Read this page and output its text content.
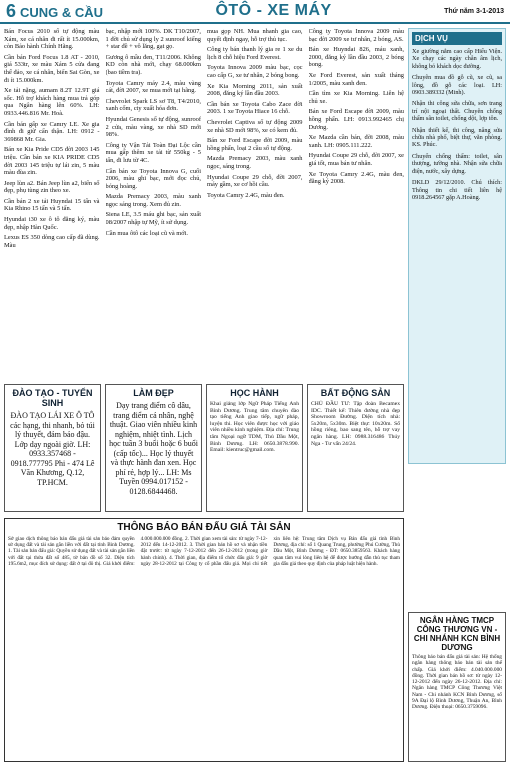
6 CUNG & CẦU	ÔTÔ - XE MÁY	Thứ năm 3-1-2013

Bán Focus 2010 số tự động màu Xám, xe cá nhân đi rất ít 15.000km, còn Bảo hành Chính Hãng.

Cần bán Ford Focus 1.8 AT - 2010, giá 533tr, xe màu Xám 5 cửa đang thế đảo, xe cá nhân, biển Sai Gòn, xe đi ít 15.000km.

Xe tải nặng, aumam 8.2T 12.9T giá sốc. Hỗ trợ khách hàng mua trả góp qua Ngân hàng lên 60%. LH: 0933.446.816 Mr. Hoà.

Cần bán gấp xe Camry LE. Xe gia đình đi giữ cẩn thận. LH: 0912 - 369868 Mr. Gia.

Bán xe Kia Pride CD5 đời 2003 145 triệu. Cần bán xe KIA PRIDE CD5 đời 2003 145 triệu tự lái zin, 5 màu màu đùa zin.

Jeep lùn a2. Bán Jeep lùn a2, biển số đẹp, phụ tùng zin theo xe.

Cần bán 2 xe tải Huyndai 15 tấn và Kia Rhino 15 tấn và 5 tấn.

Hyundai i30 xe ô tô đăng ký, màu đẹp, nhập Hàn Quốc.

Lexus ES 350 dòng cao cấp đã dùng. Màu

bạc, nhập mới 100%. DK T10/2007, 1 đời chủ sử dụng ly 2 sunroof kiểng + star đề + vô lăng, gạt gọ.

Gương ô mầu đen, T11/2006. Không KD còn nhà mới, chạy 68.000km (bao tiềm tra).

Toyota Camry máy 2.4, màu vàng cát, đời 2007, xe mua mới tại hãng.

Chevrolet Spark LS sơ T8, T4/2010, xanh cốm, cty xuất hóa đơn.

Hyundai Genesis số tự động, sunroof 2 cửa, màu vàng, xe nhà SD mới 98%.

Công ty Vận Tải Toàn Đại Lộc cần mua gấp thêm xe tải từ 550kg - 5 tấn, đi lưu từ 4C.

Cần bán xe Toyota Innova G, cuối 2006, màu ghi bạc, mới đọc chủ, bóng hoàng.

Mazda Premacy 2003, màu xanh ngọc sáng trong. Xem đủ zin.

Siena LE, 3.5 máu ghi bạc, sản xuất 08/2007 nhập tự Mỹ, ít sử dụng.

Cần mua ôtô các loại cũ và mới.

mua gọp NH. Mua nhanh gia cao, quyết định ngay, hỗ trợ thủ tục.

Công ty bán thanh lý gia re 1 xe du lịch 8 chỗ hiệu Ford Everest.

Toyota Innova 2009 màu bạc, cọc cao cấp G, xe tư nhân, 2 bóng bong.

Xe Kia Morning 2011, sản xuất 2008, đăng ký lần đầu 2003.

Cần bán xe Toyota Cabo Zace đời 2003. 1 xe Toyota Hiace 16 chỗ.

Chevrolet Captiva số tự động 2009 xe nhà SD mới 98%, xe có kem đủ.

Bán xe Ford Escape đời 2009, màu hồng phấn, loại 2 cầu số tự động.

Mazda Premacy 2003, màu xanh ngọc, sáng trong.

Hyundai Coupe 29 chỗ, đời 2007, máy gầm, xe cơ hồi cầu.

Toyota Camry 2.4G, màu đen.

Công ty Toyota Innova 2009 màu bạc đời 2009 xe tư nhân, 2 bóng, AS.

Bán xe Huyndai 826, máu xanh, 2000, đăng ký lần đầu 2003, 2 bóng bong.

Xe Ford Everest, sản xuất tháng 1/2005, màu xanh đen.

Cần tìm xe Kia Morning. Liên hệ chủ xe.

Bán xe Ford Escape đời 2009, màu hồng phấn. LH: 0913.992465 chị Dương.

Xe Mazda cần bán, đời 2008, màu xanh. LH: 0905.111.222.

Hyundai Coupe 29 chỗ, đời 2007, xe giá tốt, mua bán tư nhân.

Xe Toyota Camry 2.4G, màu đen, đăng ký 2008.

DỊCH VỤ

Xe giường nằm cao cấp Hiếu Viện. Xe chạy các ngày chẵn âm lịch, không bỏ khách dọc đường.

Chuyên mua đồ gỗ cũ, xe cũ, sa lông, đồ gỗ các loại. LH: 0903.389332 (Minh).

Nhận thi công sửa chữa, sơn trang trí nội ngoại thất. Chuyên chống thấm sân toilet, chống dột, lợp tôn.

Nhận thiết kế, thi công, nâng sửa chữa nhà phố, biệt thự, văn phòng. KS. Phúc.

Chuyển chống thấm: toilet, sân thượng, tường nhà. Nhận sửa chữa điện, nước, xây dựng.

DKLD 29/12/2010. Chú thích: Thông tin chi tiết liên hệ 0918.264567 gặp A.Hoàng.

ĐÀO TẠO - TUYỂN SINH

ĐÀO TẠO LÁI XE Ô TÔ các hạng, thi nhanh, bỏ túi lý thuyết, đảm bảo đậu. Lớp dạy ngoài giờ. LH: 0933.357468 - 0918.777795 Phi - 474 Lê Văn Khương, Q.12, TP.HCM.

LÀM ĐẸP

Dạy trang điểm cô dâu, trang điểm cá nhân, nghệ thuật. Giao viên nhiều kinh nghiệm, nhiệt tình. Lịch học tuần 3 buổi hoặc 6 buổi (cấp tốc)... Học lý thuyết và thực hành đan xen. Học phí rẻ, hợp lý... LH: Ms Tuyền 0994.017152 - 0128.6844468.

HỌC HÀNH

Khai giảng lớp Ngữ Pháp Tiếng Anh Bình Dương. Trung tâm chuyên đào tạo tiếng Anh giao tiếp, ngữ pháp, luyện thi. Học viên được học với giáo viên nhiều kinh nghiệm. Địa chỉ: Trung tâm Ngoại ngữ TDM, Thủ Dầu Một, Bình Dương. LH: 0650.3878.990. Email: kientruc@gmail.com.

BẤT ĐỘNG SẢN

CHỦ ĐẦU TƯ: Tập đoàn Becamex IDC. Thiết kế: Thiên đường nhà đẹp Showroom Đường. Diện tích nhà: 5x20m, 5x30m. Biệt thự: 10x20m. Sổ hồng riêng, bao sang tên, hỗ trợ vay ngân hàng. LH: 0988.316486 Thúy Nga - Tư vấn 24/24.

THÔNG BÁO BÁN ĐẤU GIÁ TÀI SẢN
Sở giao dịch thông báo bán đấu giá tài sản bảo đảm quyền sử dụng đất và tài sản gắn liền với đất tại tỉnh Bình Dương. 1. Tài sản bán đấu giá: Quyền sử dụng đất và tài sản gắn liền với đất tại thửa đất số 485, tờ bản đồ số 32. Diện tích 195.6m2, mục đích sử dụng: đất ở tại đô thị. Giá khởi điểm: 4.000.000.000 đồng. 2. Thời gian xem tài sản: từ ngày 7-12-2012 đến 14-12-2012. 3. Thời gian bán hồ sơ và nhận tiền đặt trước: từ ngày 7-12-2012 đến 26-12-2012 (trong giờ hành chính). 4. Thời gian, địa điểm tổ chức đấu giá: 9 giờ ngày 28-12-2012 tại Công ty cổ phần đấu giá. Mọi chi tiết xin liên hệ: Trung tâm Dịch vụ Bán đấu giá tỉnh Bình Dương, địa chỉ: số 1 Quang Trung, phường Phú Cường, Thủ Dầu Một, Bình Dương - ĐT: 0650.3859563. Khách hàng quan tâm vui lòng liên hệ để được hướng dẫn thủ tục tham gia đấu giá theo quy định của pháp luật hiện hành.
NGÂN HÀNG TMCP CÔNG THƯƠNG VN - CHI NHÁNH KCN BÌNH DƯƠNG

Thông báo bán đấu giá tài sản: Hệ thống ngân hàng thông báo bán tài sản thế chấp. Giá khởi điểm: 4.040.000.000 đồng. Thời gian bán hồ sơ: từ ngày 12-12-2012 đến ngày 26-12-2012. Địa chỉ: Ngân hàng TMCP Công Thương Việt Nam - Chi nhánh KCN Bình Dương, số 9A Đại lộ Bình Dương, Thuận An, Bình Dương. Điện thoại: 0650.3759096.
